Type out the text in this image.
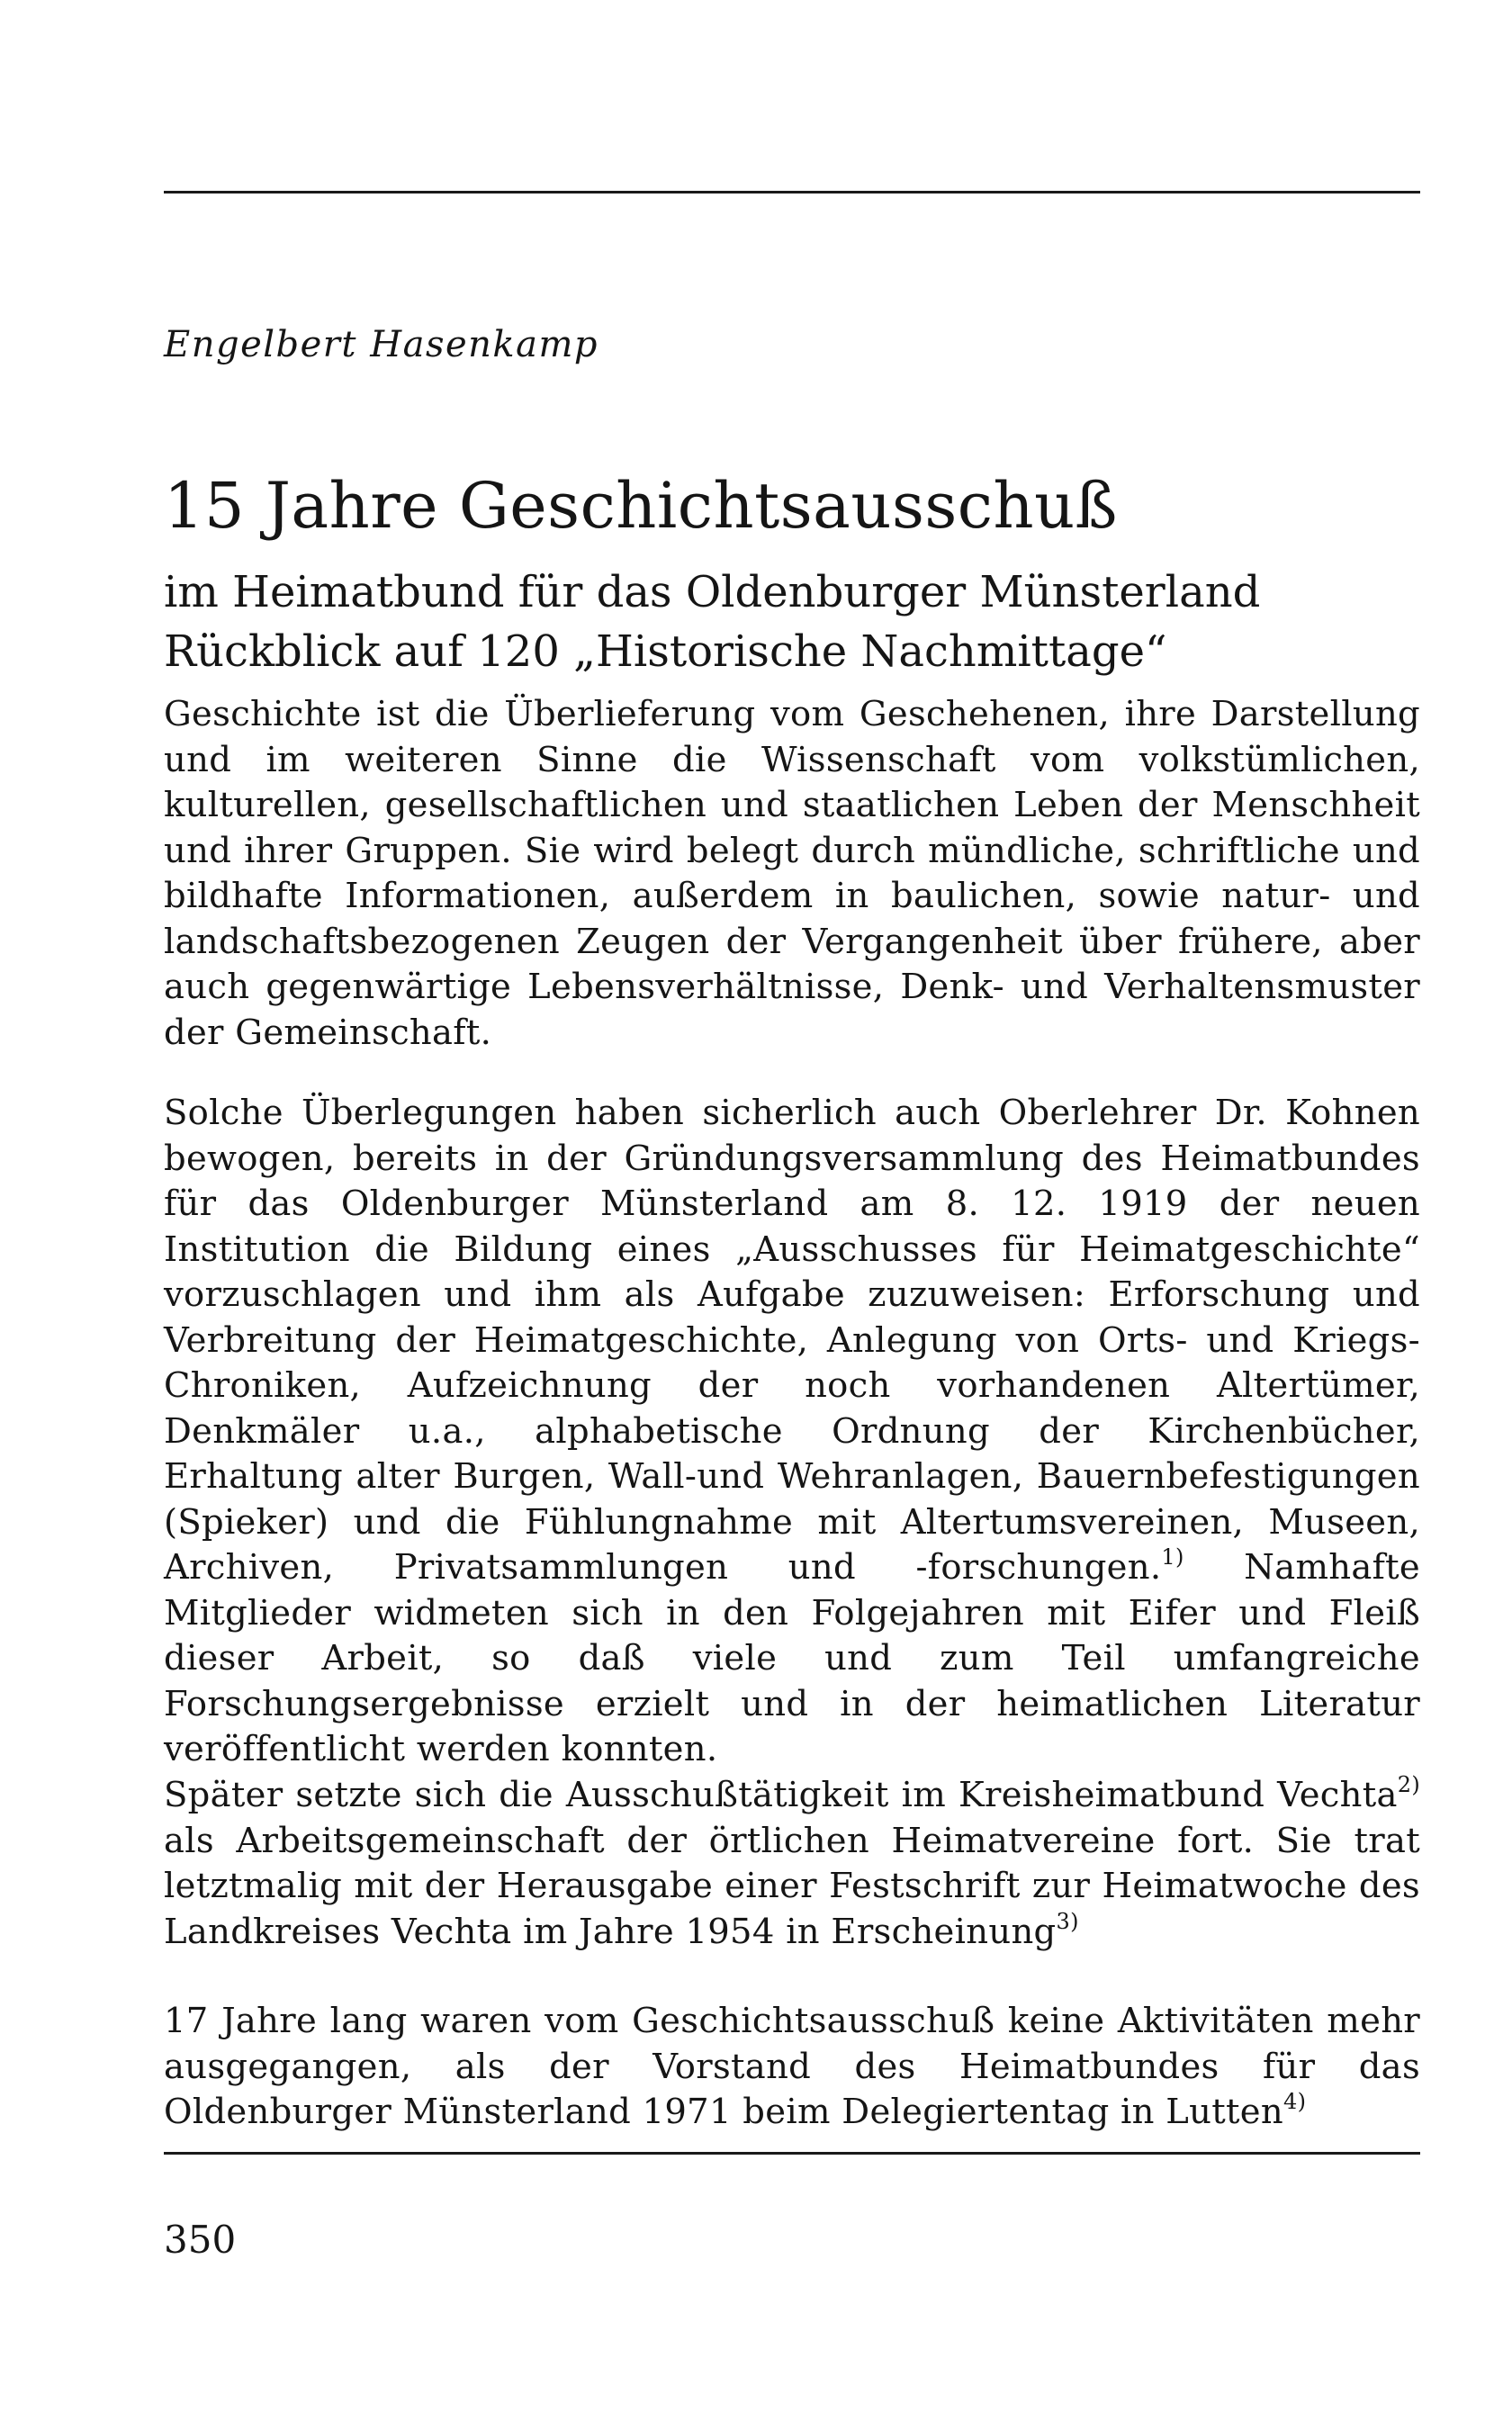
Engelbert Hasenkamp
15 Jahre Geschichtsausschuß
im Heimatbund für das Oldenburger Münsterland
Rückblick auf 120 „Historische Nachmittage“

Geschichte ist die Überlieferung vom Geschehenen, ihre Darstellung und im weiteren Sinne die Wissenschaft vom volkstümlichen, kulturellen, gesellschaftlichen und staatlichen Leben der Menschheit und ihrer Gruppen. Sie wird belegt durch mündliche, schriftliche und bildhafte Informationen, außerdem in baulichen, sowie natur- und landschaftsbezogenen Zeugen der Vergangenheit über frühere, aber auch gegenwärtige Lebensverhältnisse, Denk- und Verhaltensmuster der Gemeinschaft.

Solche Überlegungen haben sicherlich auch Oberlehrer Dr. Kohnen bewogen, bereits in der Gründungsversammlung des Heimatbundes für das Oldenburger Münsterland am 8. 12. 1919 der neuen Institution die Bildung eines „Ausschusses für Heimatgeschichte“ vorzuschlagen und ihm als Aufgabe zuzuweisen: Erforschung und Verbreitung der Heimatgeschichte, Anlegung von Orts- und Kriegs-Chroniken, Aufzeichnung der noch vorhandenen Altertümer, Denkmäler u.a., alphabetische Ordnung der Kirchenbücher, Erhaltung alter Burgen, Wall-und Wehranlagen, Bauernbefestigungen (Spieker) und die Fühlungnahme mit Altertumsvereinen, Museen, Archiven, Privatsammlungen und -forschungen.$^{1)}$ Namhafte Mitglieder widmeten sich in den Folgejahren mit Eifer und Fleiß dieser Arbeit, so daß viele und zum Teil umfangreiche Forschungsergebnisse erzielt und in der heimatlichen Literatur veröffentlicht werden konnten.

Später setzte sich die Ausschußtätigkeit im Kreisheimatbund Vechta$^{2)}$ als Arbeitsgemeinschaft der örtlichen Heimatvereine fort. Sie trat letztmalig mit der Herausgabe einer Festschrift zur Heimatwoche des Landkreises Vechta im Jahre 1954 in Erscheinung$^{3)}$

17 Jahre lang waren vom Geschichtsausschuß keine Aktivitäten mehr ausgegangen, als der Vorstand des Heimatbundes für das Oldenburger Münsterland 1971 beim Delegiertentag in Lutten$^{4)}$

350
